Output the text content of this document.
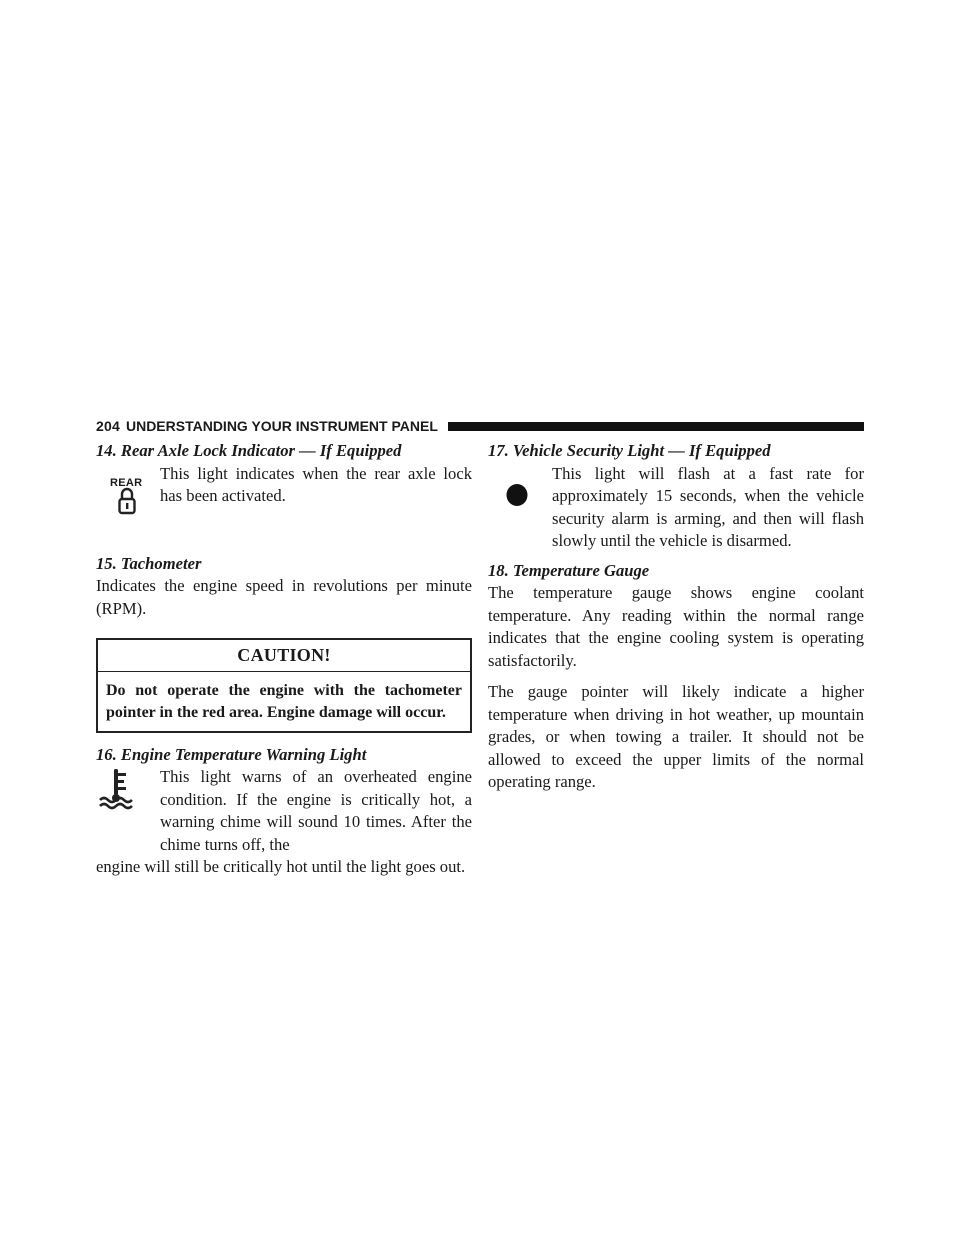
204 UNDERSTANDING YOUR INSTRUMENT PANEL

14. Rear Axle Lock Indicator — If Equipped

REAR This light indicates when the rear axle lock has been activated.

15. Tachometer

Indicates the engine speed in revolutions per minute (RPM).

CAUTION!
Do not operate the engine with the tachometer pointer in the red area. Engine damage will occur.

16. Engine Temperature Warning Light

This light warns of an overheated engine condition. If the engine is critically hot, a warning chime will sound 10 times. After the chime turns off, the

engine will still be critically hot until the light goes out.

17. Vehicle Security Light — If Equipped

This light will flash at a fast rate for approximately 15 seconds, when the vehicle security alarm is arming, and then will flash slowly until the vehicle is disarmed.

18. Temperature Gauge

The temperature gauge shows engine coolant temperature. Any reading within the normal range indicates that the engine cooling system is operating satisfactorily.

The gauge pointer will likely indicate a higher temperature when driving in hot weather, up mountain grades, or when towing a trailer. It should not be allowed to exceed the upper limits of the normal operating range.
